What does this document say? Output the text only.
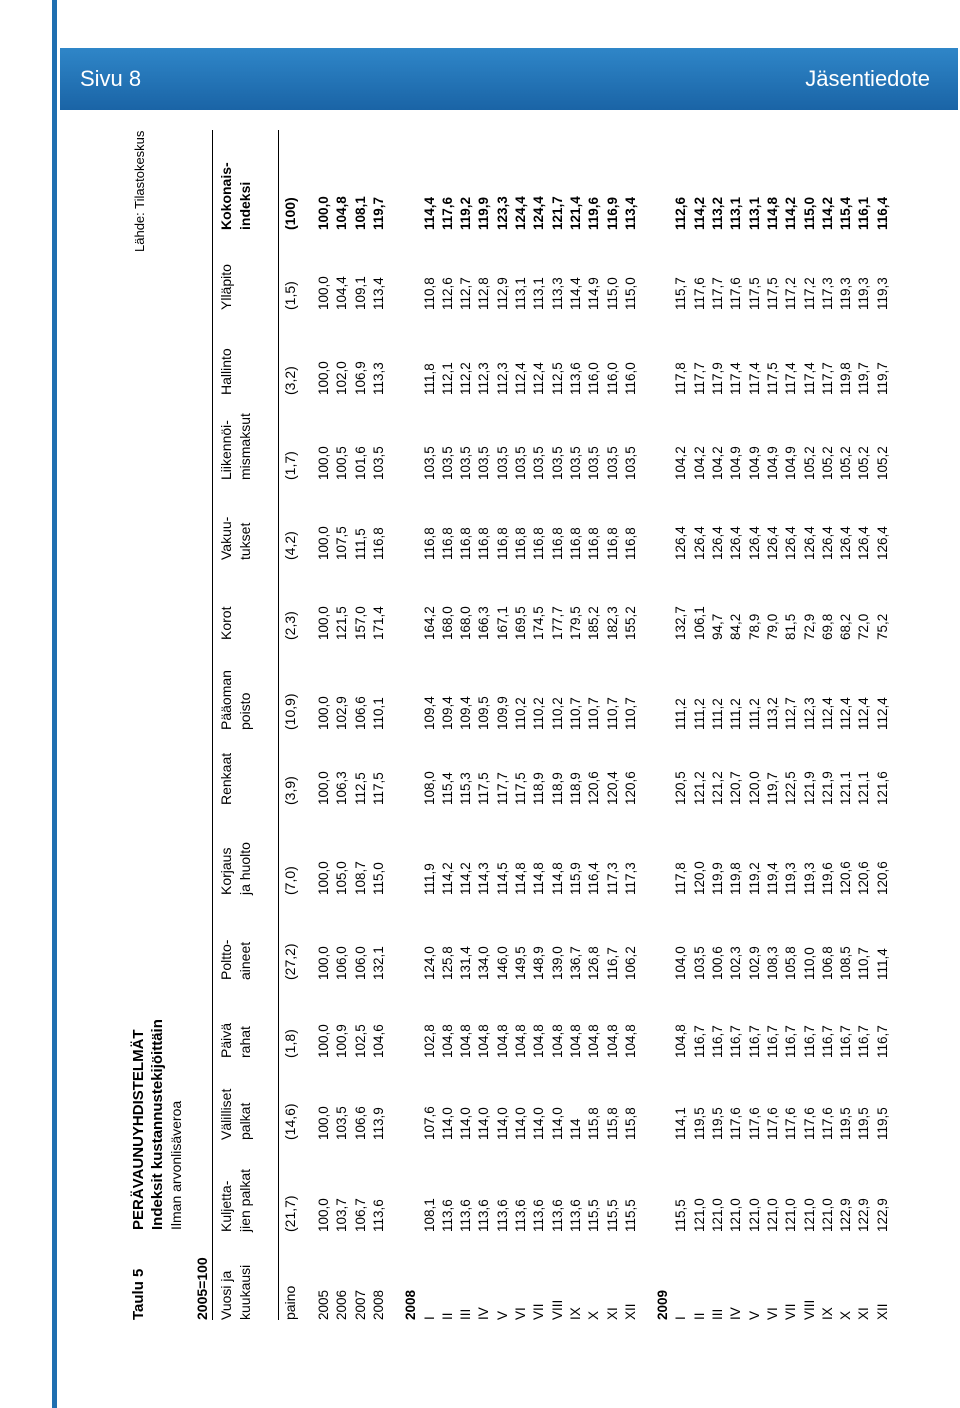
Sivu 8	Jäsentiedote
Taulu 5
PERÄVAUNUYHDISTELMÄT Indeksit kustannustekijöittäin Ilman arvonlisäveroa
Lähde: Tilastokeskus
2005=100 Vuosi ja kuukausi
Kuljetta- jien palkat
Välilliset palkat
Päivä rahat
Poltto- aineet
Korjaus ja huolto
Renkaat
Pääoman poisto
Korot
Vakuu- tukset
Liikennöi- mismaksut
Hallinto
Ylläpito
Kokonais- indeksi
paino
(21,7)
(14,6)
(1,8)
(27,2)
(7,0)
(3,9)
(10,9)
(2,3)
(4,2)
(1,7)
(3,2)
(1,5)
(100)
2005
100,0
100,0
100,0
100,0
100,0
100,0
100,0
100,0
100,0
100,0
100,0
100,0
100,0
2006
103,7
103,5
100,9
106,0
105,0
106,3
102,9
121,5
107,5
100,5
102,0
104,4
104,8
2007
106,7
106,6
102,5
106,0
108,7
112,5
106,6
157,0
111,5
101,6
106,9
109,1
108,1
2008
113,6
113,9
104,6
132,1
115,0
117,5
110,1
171,4
116,8
103,5
113,3
113,4
119,7
2008 I
108,1
107,6
102,8
124,0
111,9
108,0
109,4
164,2
116,8
103,5
111,8
110,8
114,4
II
113,6
114,0
104,8
125,8
114,2
115,4
109,4
168,0
116,8
103,5
112,1
112,6
117,6
III
113,6
114,0
104,8
131,4
114,2
115,3
109,4
168,0
116,8
103,5
112,2
112,7
119,2
IV
113,6
114,0
104,8
134,0
114,3
117,5
109,5
166,3
116,8
103,5
112,3
112,8
119,9
V
113,6
114,0
104,8
146,0
114,5
117,7
109,9
167,1
116,8
103,5
112,3
112,9
123,3
VI
113,6
114,0
104,8
149,5
114,8
117,5
110,2
169,5
116,8
103,5
112,4
113,1
124,4
VII
113,6
114,0
104,8
148,9
114,8
118,9
110,2
174,5
116,8
103,5
112,4
113,1
124,4
VIII
113,6
114,0
104,8
139,0
114,8
118,9
110,2
177,7
116,8
103,5
112,5
113,3
121,7
IX
113,6
114
104,8
136,7
115,9
118,9
110,7
179,5
116,8
103,5
113,6
114,4
121,4
X
115,5
115,8
104,8
126,8
116,4
120,6
110,7
185,2
116,8
103,5
116,0
114,9
119,6
XI
115,5
115,8
104,8
116,7
117,3
120,4
110,7
182,3
116,8
103,5
116,0
115,0
116,9
XII
115,5
115,8
104,8
106,2
117,3
120,6
110,7
155,2
116,8
103,5
116,0
115,0
113,4
2009 I
115,5
114,1
104,8
104,0
117,8
120,5
111,2
132,7
126,4
104,2
117,8
115,7
112,6
II
121,0
119,5
116,7
103,5
120,0
121,2
111,2
106,1
126,4
104,2
117,7
117,6
114,2
III
121,0
119,5
116,7
100,6
119,9
121,2
111,2
94,7
126,4
104,2
117,9
117,7
113,2
IV
121,0
117,6
116,7
102,3
119,8
120,7
111,2
84,2
126,4
104,9
117,4
117,6
113,1
V
121,0
117,6
116,7
102,9
119,2
120,0
111,2
78,9
126,4
104,9
117,4
117,5
113,1
VI
121,0
117,6
116,7
108,3
119,4
119,7
113,2
79,0
126,4
104,9
117,5
117,5
114,8
VII
121,0
117,6
116,7
105,8
119,3
122,5
112,7
81,5
126,4
104,9
117,4
117,2
114,2
VIII
121,0
117,6
116,7
110,0
119,3
121,9
112,3
72,9
126,4
105,2
117,4
117,2
115,0
IX
121,0
117,6
116,7
106,8
119,6
121,9
112,4
69,8
126,4
105,2
117,7
117,3
114,2
X
122,9
119,5
116,7
108,5
120,6
121,1
112,4
68,2
126,4
105,2
119,8
119,3
115,4
XI
122,9
119,5
116,7
110,7
120,6
121,1
112,4
72,0
126,4
105,2
119,7
119,3
116,1
XII
122,9
119,5
116,7
111,4
120,6
121,6
112,4
75,2
126,4
105,2
119,7
119,3
116,4
